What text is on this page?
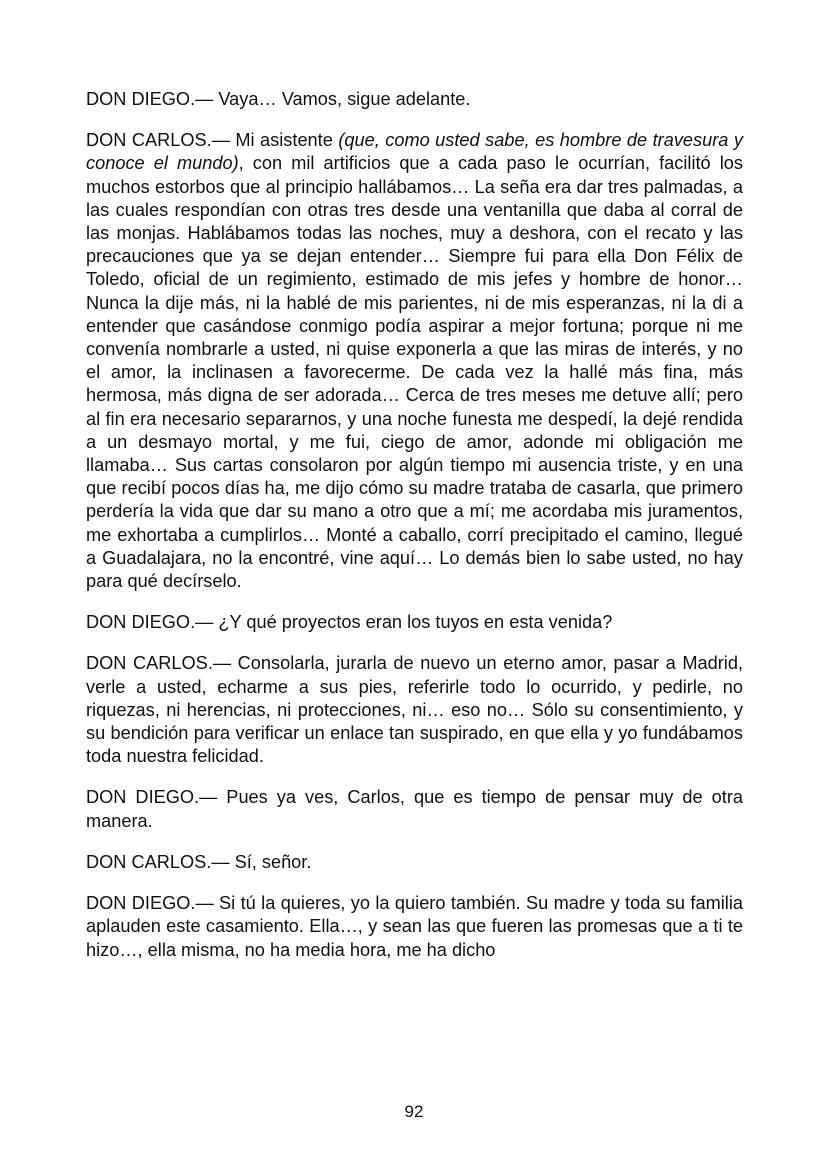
DON DIEGO.— Vaya… Vamos, sigue adelante.

DON CARLOS.— Mi asistente (que, como usted sabe, es hombre de travesura y conoce el mundo), con mil artificios que a cada paso le ocurrían, facilitó los muchos estorbos que al principio hallábamos… La seña era dar tres palmadas, a las cuales respondían con otras tres desde una ventanilla que daba al corral de las monjas. Hablábamos todas las noches, muy a deshora, con el recato y las precauciones que ya se dejan entender… Siempre fui para ella Don Félix de Toledo, oficial de un regimiento, estimado de mis jefes y hombre de honor… Nunca la dije más, ni la hablé de mis parientes, ni de mis esperanzas, ni la di a entender que casándose conmigo podía aspirar a mejor fortuna; porque ni me convenía nombrarle a usted, ni quise exponerla a que las miras de interés, y no el amor, la inclinasen a favorecerme. De cada vez la hallé más fina, más hermosa, más digna de ser adorada… Cerca de tres meses me detuve allí; pero al fin era necesario separarnos, y una noche funesta me despedí, la dejé rendida a un desmayo mortal, y me fui, ciego de amor, adonde mi obligación me llamaba… Sus cartas consolaron por algún tiempo mi ausencia triste, y en una que recibí pocos días ha, me dijo cómo su madre trataba de casarla, que primero perdería la vida que dar su mano a otro que a mí; me acordaba mis juramentos, me exhortaba a cumplirlos… Monté a caballo, corrí precipitado el camino, llegué a Guadalajara, no la encontré, vine aquí… Lo demás bien lo sabe usted, no hay para qué decírselo.

DON DIEGO.— ¿Y qué proyectos eran los tuyos en esta venida?

DON CARLOS.— Consolarla, jurarla de nuevo un eterno amor, pasar a Madrid, verle a usted, echarme a sus pies, referirle todo lo ocurrido, y pedirle, no riquezas, ni herencias, ni protecciones, ni… eso no… Sólo su consentimiento, y su bendición para verificar un enlace tan suspirado, en que ella y yo fundábamos toda nuestra felicidad.

DON DIEGO.— Pues ya ves, Carlos, que es tiempo de pensar muy de otra manera.

DON CARLOS.— Sí, señor.

DON DIEGO.— Si tú la quieres, yo la quiero también. Su madre y toda su familia aplauden este casamiento. Ella…, y sean las que fueren las promesas que a ti te hizo…, ella misma, no ha media hora, me ha dicho

92
